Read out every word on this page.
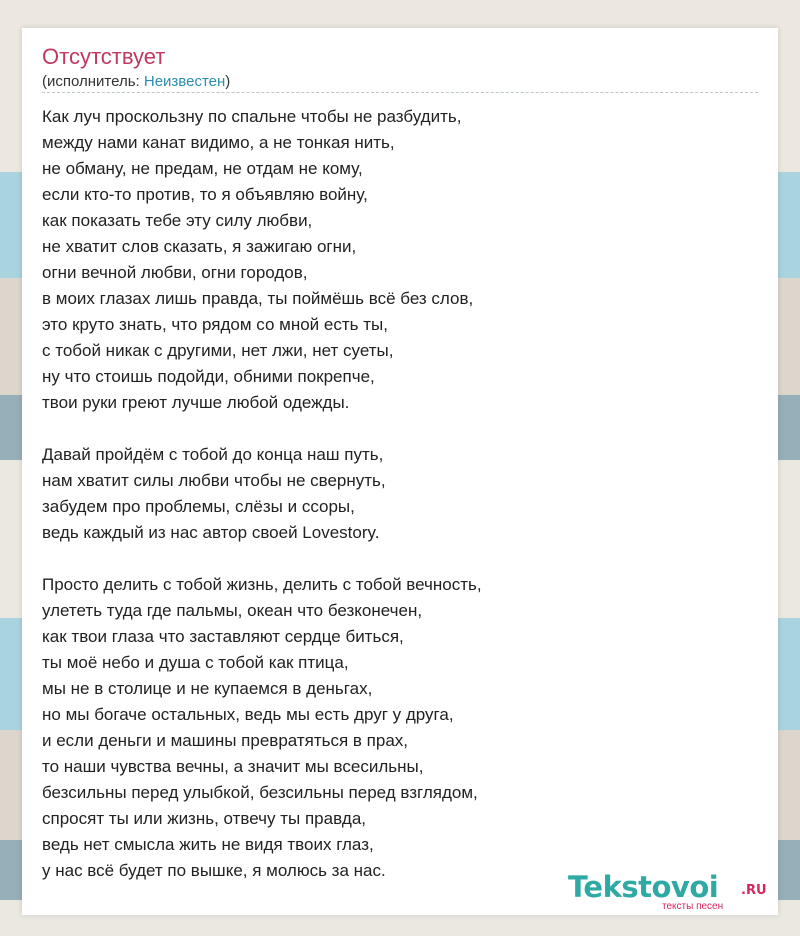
Отсутствует
(исполнитель: Неизвестен)
Как луч проскользну по спальне чтобы не разбудить,
между нами канат видимо, а не тонкая нить,
не обману, не предам, не отдам не кому,
если кто-то против, то я объявляю войну,
как показать тебе эту силу любви,
не хватит слов сказать, я зажигаю огни,
огни вечной любви, огни городов,
в моих глазах лишь правда, ты поймёшь всё без слов,
это круто знать, что рядом со мной есть ты,
с тобой никак с другими, нет лжи, нет суеты,
ну что стоишь подойди, обними покрепче,
твои руки греют лучше любой одежды.
Давай пройдём с тобой до конца наш путь,
нам хватит силы любви чтобы не свернуть,
забудем про проблемы, слёзы и ссоры,
ведь каждый из нас автор своей Lovestory.
Просто делить с тобой жизнь, делить с тобой вечность,
улететь туда где пальмы, океан что безконечен,
как твои глаза что заставляют сердце биться,
ты моё небо и душа с тобой как птица,
мы не в столице и не купаемся в деньгах,
но мы богаче остальных, ведь мы есть друг у друга,
и если деньги и машины превратяться в прах,
то наши чувства вечны, а значит мы всесильны,
безсильны перед улыбкой, безсильны перед взглядом,
спросят ты или жизнь, отвечу ты правда,
ведь нет смысла жить не видя твоих глаз,
у нас всё будет по вышке, я молюсь за нас.	Tekstovoi .RU
тексты песен
